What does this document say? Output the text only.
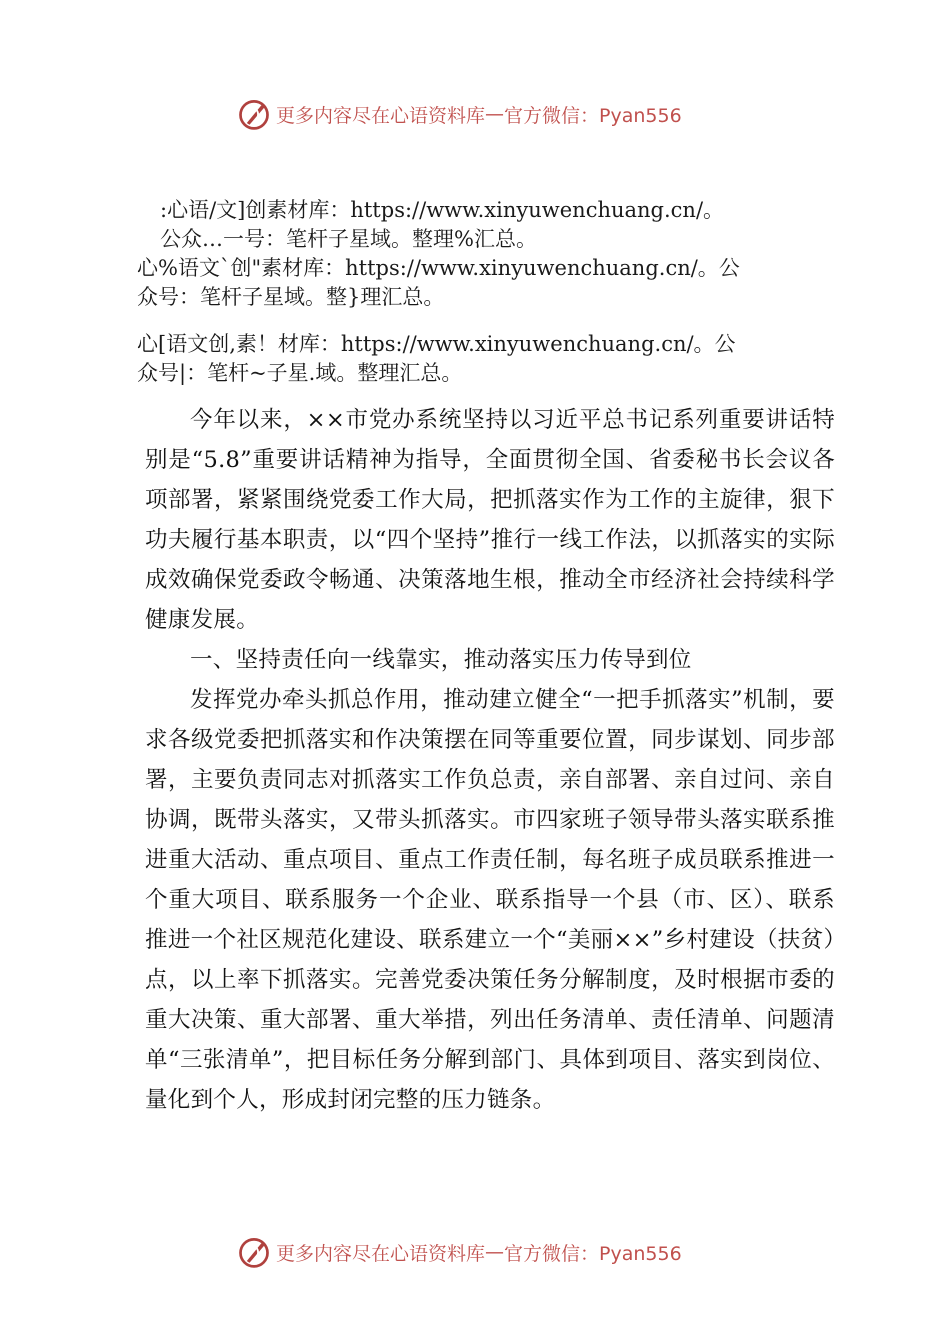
更多内容尽在心语资料库 — 官方微信：Pyan556
:心语/文]创素材库：https://www.xinyuwenchuang.cn/。
公众…一号：笔杆子星域。整理%汇总。
心%语文`创"素材库：https://www.xinyuwenchuang.cn/。公
众号：笔杆子星域。整}理汇总。
心[语文创,素！材库：https://www.xinyuwenchuang.cn/。公
众号|：笔杆~子星.域。整理汇总。

今年以来，××市党办系统坚持以习近平总书记系列重要讲话特别是“5.8”重要讲话精神为指导，全面贯彻全国、省委秘书长会议各项部署，紧紧围绕党委工作大局，把抓落实作为工作的主旋律，狠下功夫履行基本职责，以“四个坚持”推行一线工作法，以抓落实的实际成效确保党委政令畅通、决策落地生根，推动全市经济社会持续科学健康发展。

一、坚持责任向一线靠实，推动落实压力传导到位

发挥党办牵头抓总作用，推动建立健全“一把手抓落实”机制，要求各级党委把抓落实和作决策摆在同等重要位置，同步谋划、同步部署，主要负责同志对抓落实工作负总责，亲自部署、亲自过问、亲自协调，既带头落实，又带头抓落实。市四家班子领导带头落实联系推进重大活动、重点项目、重点工作责任制，每名班子成员联系推进一个重大项目、联系服务一个企业、联系指导一个县（市、区）、联系推进一个社区规范化建设、联系建立一个“美丽××”乡村建设（扶贫）点，以上率下抓落实。完善党委决策任务分解制度，及时根据市委的重大决策、重大部署、重大举措，列出任务清单、责任清单、问题清单“三张清单”，把目标任务分解到部门、具体到项目、落实到岗位、量化到个人，形成封闭完整的压力链条。

更多内容尽在心语资料库 — 官方微信：Pyan556
